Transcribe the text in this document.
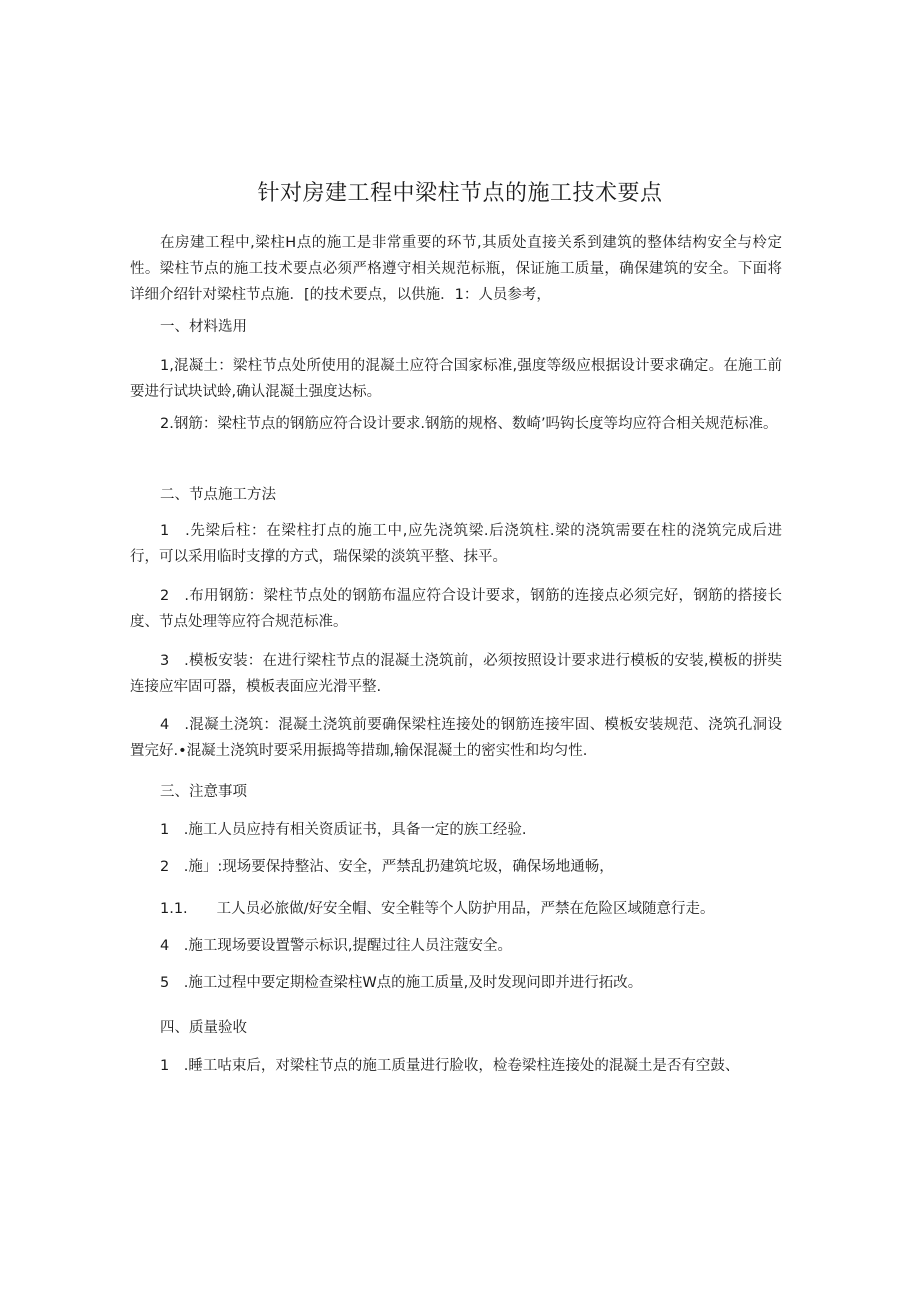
针对房建工程中梁柱节点的施工技术要点

在房建工程中,梁柱H点的施工是非常重要的环节,其质处直接关系到建筑的整体结构安全与柃定性。梁柱节点的施工技术要点必须严格遵守相关规范标瓶，保证施工质量，确保建筑的安全。下面将详细介绍针对梁柱节点施．[的技术要点，以供施．1：人员参考，

一、材料选用

1,混凝土：梁柱节点处所使用的混凝土应符合国家标准,强度等级应根据设计要求确定。在施工前要进行试块试蛉,确认混凝土强度达标。

2.钢筋：梁柱节点的钢筋应符合设计要求.钢筋的规格、数崎’吗钩长度等均应符合相关规范标准。

二、节点施工方法

1　.先梁后柱：在梁柱打点的施工中,应先浇筑梁.后浇筑柱.梁的浇筑需要在柱的浇筑完成后进行，可以采用临时支撑的方式，瑞保梁的淡筑平整、抹平。

2　.布用钢筋：梁柱节点处的钢筋布温应符合设计要求，钢筋的连接点必须完好，钢筋的搭接长度、节点处理等应符合规范标准。

3　.模板安装：在进行梁柱节点的混凝土浇筑前，必须按照设计要求进行模板的安装,模板的拼奘连接应牢固可器，模板表面应光滑平整.

4　.混凝土浇筑：混凝土浇筑前要确保梁柱连接处的钢筋连接牢固、模板安装规范、浇筑孔洞设置完好.•混凝土浇筑时要采用振捣等措珈,输保混凝土的密实性和均匀性.

三、注意事项

1　.施工人员应持有相关资质证书，具备一定的族工经验.

2　.施」:现场要保持整沾、安全，严禁乱扔建筑坨圾，确保场地通畅，

1.1.　　工人员必旅做/好安全帽、安全鞋等个人防护用品，严禁在危险区域随意行走。

4　.施工现场要设置警示标识,提醒过往人员注蔻安全。

5　.施工过程中要定期检查梁柱W点的施工质量,及时发现问即并进行拓改。

四、质量验收

1　.睡工咕束后，对梁柱节点的施工质量进行脸收，检卷梁柱连接处的混凝土是否有空鼓、
